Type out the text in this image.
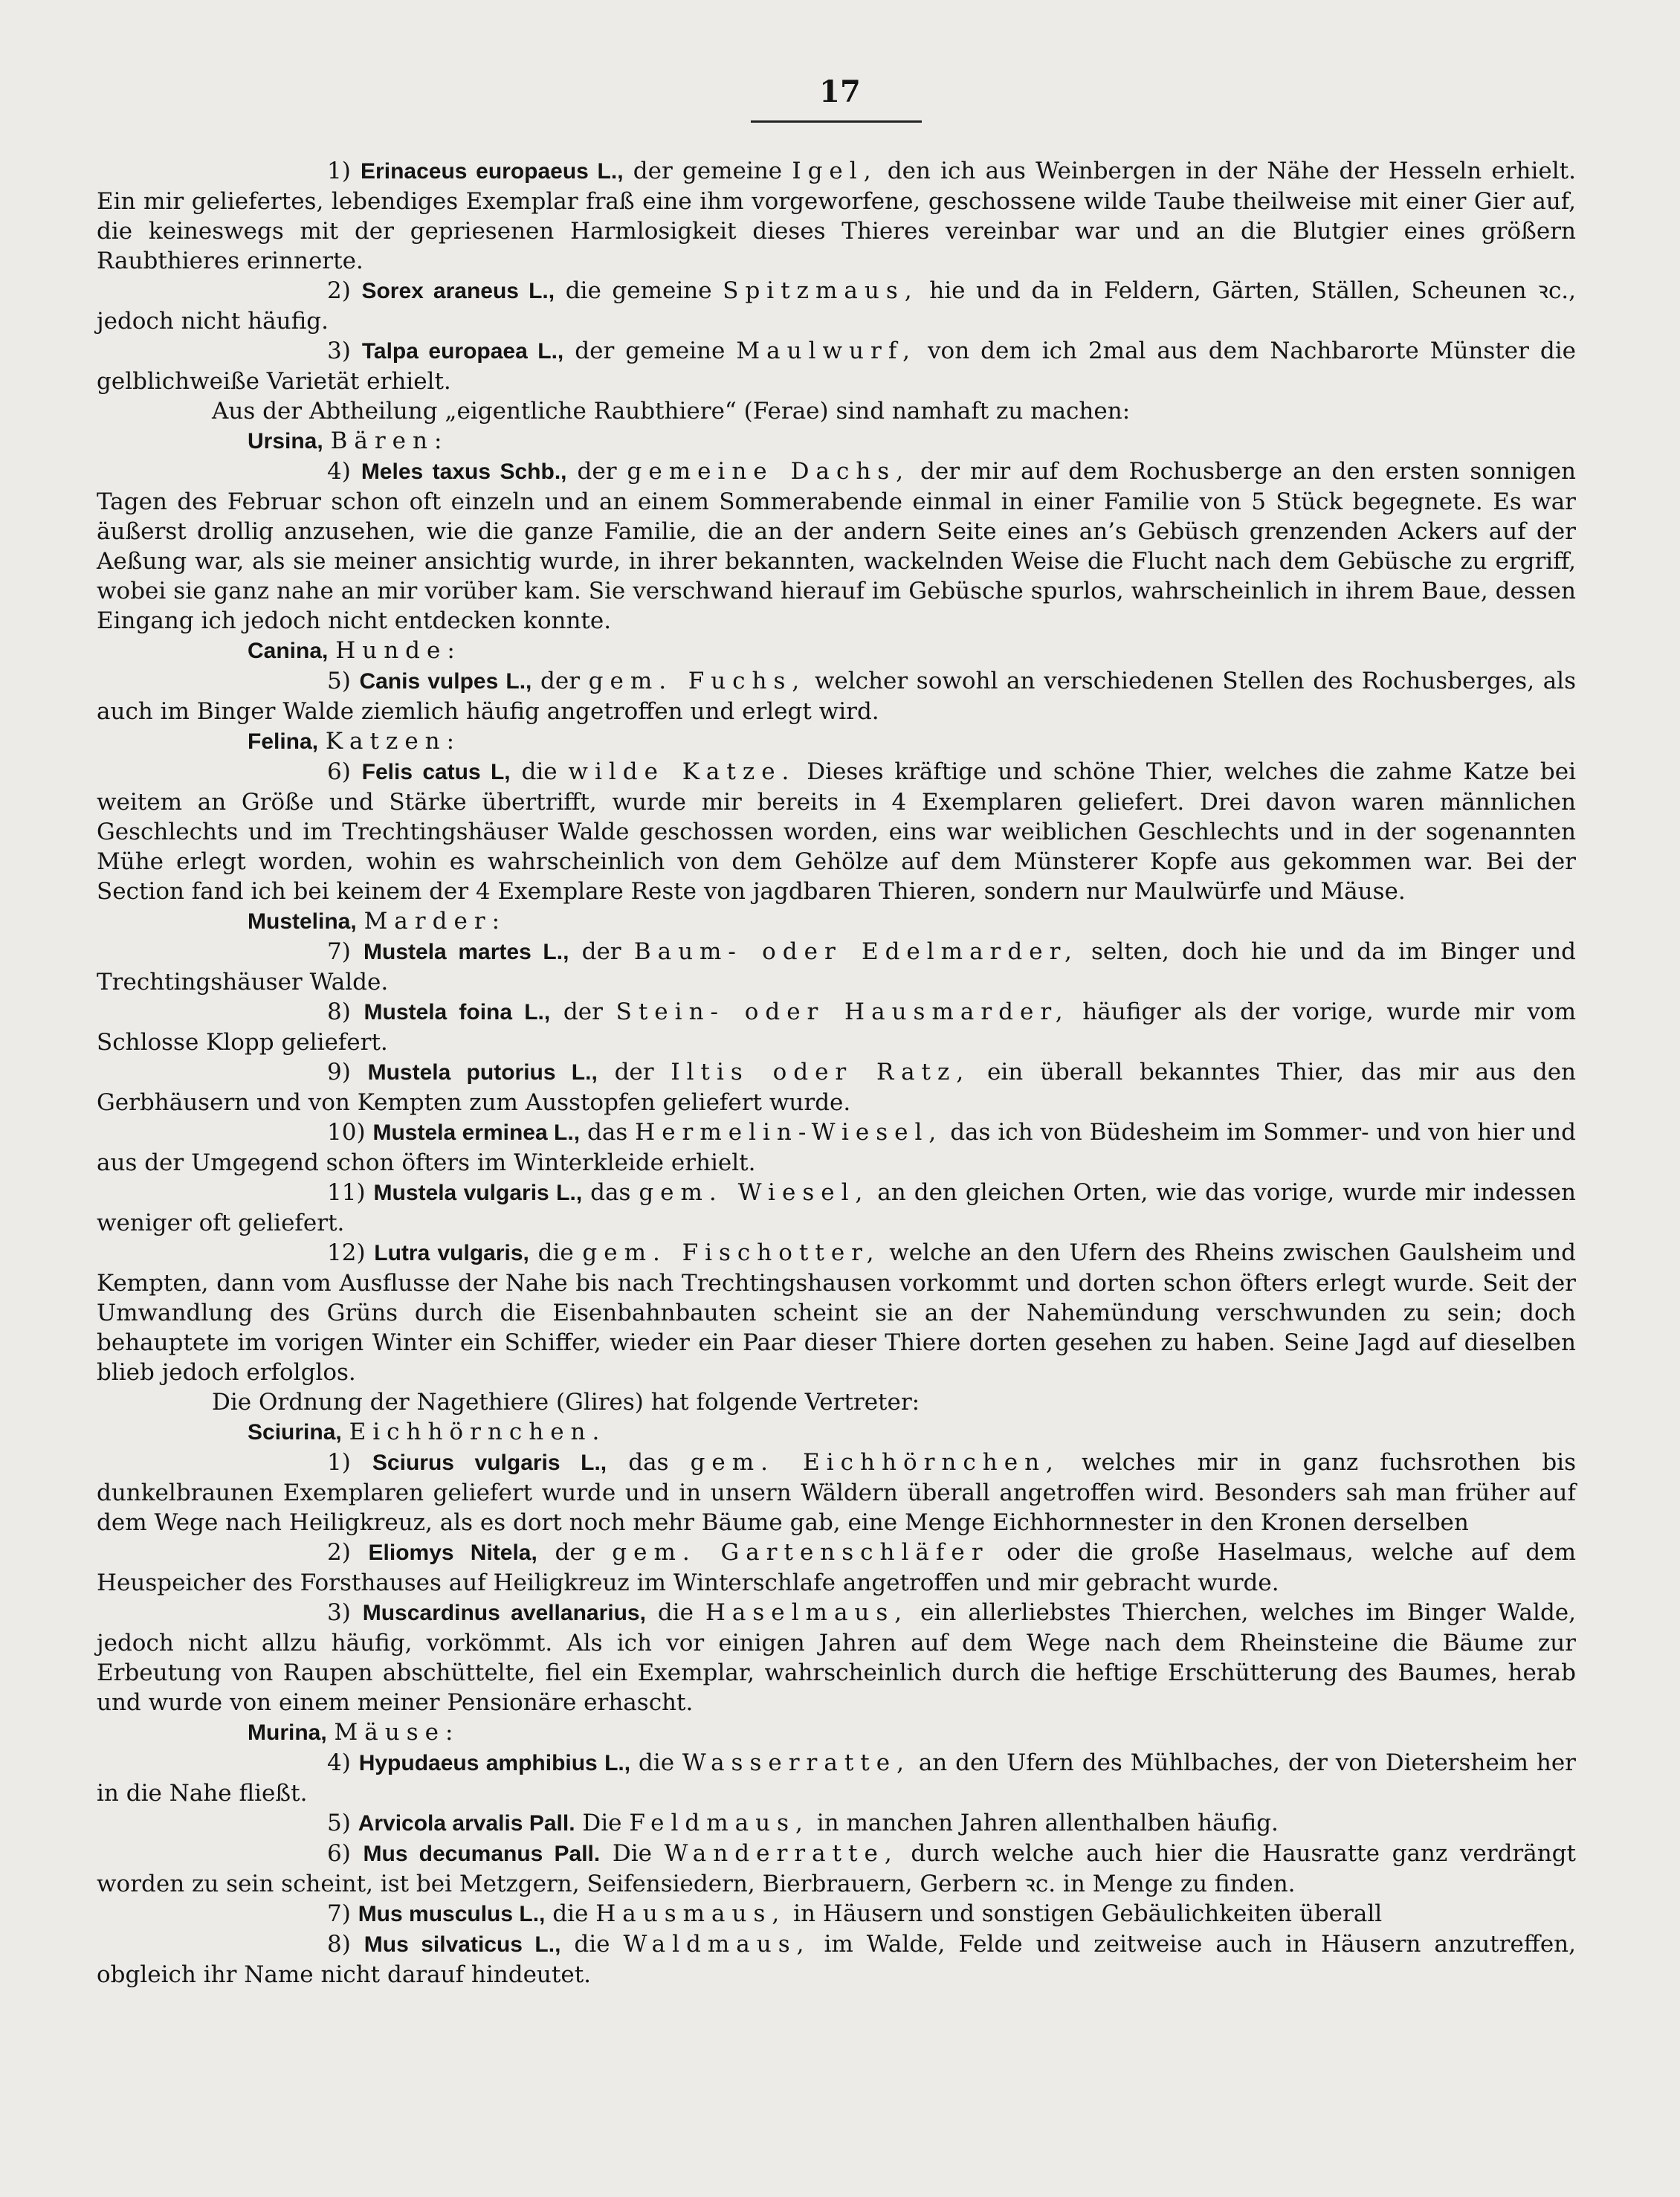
17

1) Erinaceus europaeus L., der gemeine Igel, den ich aus Weinbergen in der Nähe der Hesseln erhielt. Ein mir geliefertes, lebendiges Exemplar fraß eine ihm vorgeworfene, geschossene wilde Taube theilweise mit einer Gier auf, die keineswegs mit der gepriesenen Harmlosigkeit dieses Thieres vereinbar war und an die Blutgier eines größern Raubthieres erinnerte.

2) Sorex araneus L., die gemeine Spitzmaus, hie und da in Feldern, Gärten, Ställen, Scheunen ꝛc., jedoch nicht häufig.

3) Talpa europaea L., der gemeine Maulwurf, von dem ich 2mal aus dem Nachbarorte Münster die gelblichweiße Varietät erhielt.

Aus der Abtheilung „eigentliche Raubthiere“ (Ferae) sind namhaft zu machen:

Ursina, Bären:

4) Meles taxus Schb., der gemeine Dachs, der mir auf dem Rochusberge an den ersten sonnigen Tagen des Februar schon oft einzeln und an einem Sommerabende einmal in einer Familie von 5 Stück begegnete. Es war äußerst drollig anzusehen, wie die ganze Familie, die an der andern Seite eines an’s Gebüsch grenzenden Ackers auf der Aeßung war, als sie meiner ansichtig wurde, in ihrer bekannten, wackelnden Weise die Flucht nach dem Gebüsche zu ergriff, wobei sie ganz nahe an mir vorüber kam. Sie verschwand hierauf im Gebüsche spurlos, wahrscheinlich in ihrem Baue, dessen Eingang ich jedoch nicht entdecken konnte.

Canina, Hunde:

5) Canis vulpes L., der gem. Fuchs, welcher sowohl an verschiedenen Stellen des Rochusberges, als auch im Binger Walde ziemlich häufig angetroffen und erlegt wird.

Felina, Katzen:

6) Felis catus L, die wilde Katze. Dieses kräftige und schöne Thier, welches die zahme Katze bei weitem an Größe und Stärke übertrifft, wurde mir bereits in 4 Exemplaren geliefert. Drei davon waren männlichen Geschlechts und im Trechtingshäuser Walde geschossen worden, eins war weiblichen Geschlechts und in der sogenannten Mühe erlegt worden, wohin es wahrscheinlich von dem Gehölze auf dem Münsterer Kopfe aus gekommen war. Bei der Section fand ich bei keinem der 4 Exemplare Reste von jagdbaren Thieren, sondern nur Maulwürfe und Mäuse.

Mustelina, Marder:

7) Mustela martes L., der Baum- oder Edelmarder, selten, doch hie und da im Binger und Trechtingshäuser Walde.

8) Mustela foina L., der Stein- oder Hausmarder, häufiger als der vorige, wurde mir vom Schlosse Klopp geliefert.

9) Mustela putorius L., der Iltis oder Ratz, ein überall bekanntes Thier, das mir aus den Gerbhäusern und von Kempten zum Ausstopfen geliefert wurde.

10) Mustela erminea L., das Hermelin-Wiesel, das ich von Büdesheim im Sommer- und von hier und aus der Umgegend schon öfters im Winterkleide erhielt.

11) Mustela vulgaris L., das gem. Wiesel, an den gleichen Orten, wie das vorige, wurde mir indessen weniger oft geliefert.

12) Lutra vulgaris, die gem. Fischotter, welche an den Ufern des Rheins zwischen Gaulsheim und Kempten, dann vom Ausflusse der Nahe bis nach Trechtingshausen vorkommt und dorten schon öfters erlegt wurde. Seit der Umwandlung des Grüns durch die Eisenbahnbauten scheint sie an der Nahemündung verschwunden zu sein; doch behauptete im vorigen Winter ein Schiffer, wieder ein Paar dieser Thiere dorten gesehen zu haben. Seine Jagd auf dieselben blieb jedoch erfolglos.

Die Ordnung der Nagethiere (Glires) hat folgende Vertreter:

Sciurina, Eichhörnchen.

1) Sciurus vulgaris L., das gem. Eichhörnchen, welches mir in ganz fuchsrothen bis dunkelbraunen Exemplaren geliefert wurde und in unsern Wäldern überall angetroffen wird. Besonders sah man früher auf dem Wege nach Heiligkreuz, als es dort noch mehr Bäume gab, eine Menge Eichhornnester in den Kronen derselben

2) Eliomys Nitela, der gem. Gartenschläfer oder die große Haselmaus, welche auf dem Heuspeicher des Forsthauses auf Heiligkreuz im Winterschlafe angetroffen und mir gebracht wurde.

3) Muscardinus avellanarius, die Haselmaus, ein allerliebstes Thierchen, welches im Binger Walde, jedoch nicht allzu häufig, vorkömmt. Als ich vor einigen Jahren auf dem Wege nach dem Rheinsteine die Bäume zur Erbeutung von Raupen abschüttelte, fiel ein Exemplar, wahrscheinlich durch die heftige Erschütterung des Baumes, herab und wurde von einem meiner Pensionäre erhascht.

Murina, Mäuse:

4) Hypudaeus amphibius L., die Wasserratte, an den Ufern des Mühlbaches, der von Dietersheim her in die Nahe fließt.

5) Arvicola arvalis Pall. Die Feldmaus, in manchen Jahren allenthalben häufig.

6) Mus decumanus Pall. Die Wanderratte, durch welche auch hier die Hausratte ganz verdrängt worden zu sein scheint, ist bei Metzgern, Seifensiedern, Bierbrauern, Gerbern ꝛc. in Menge zu finden.

7) Mus musculus L., die Hausmaus, in Häusern und sonstigen Gebäulichkeiten überall

8) Mus silvaticus L., die Waldmaus, im Walde, Felde und zeitweise auch in Häusern anzutreffen, obgleich ihr Name nicht darauf hindeutet.
